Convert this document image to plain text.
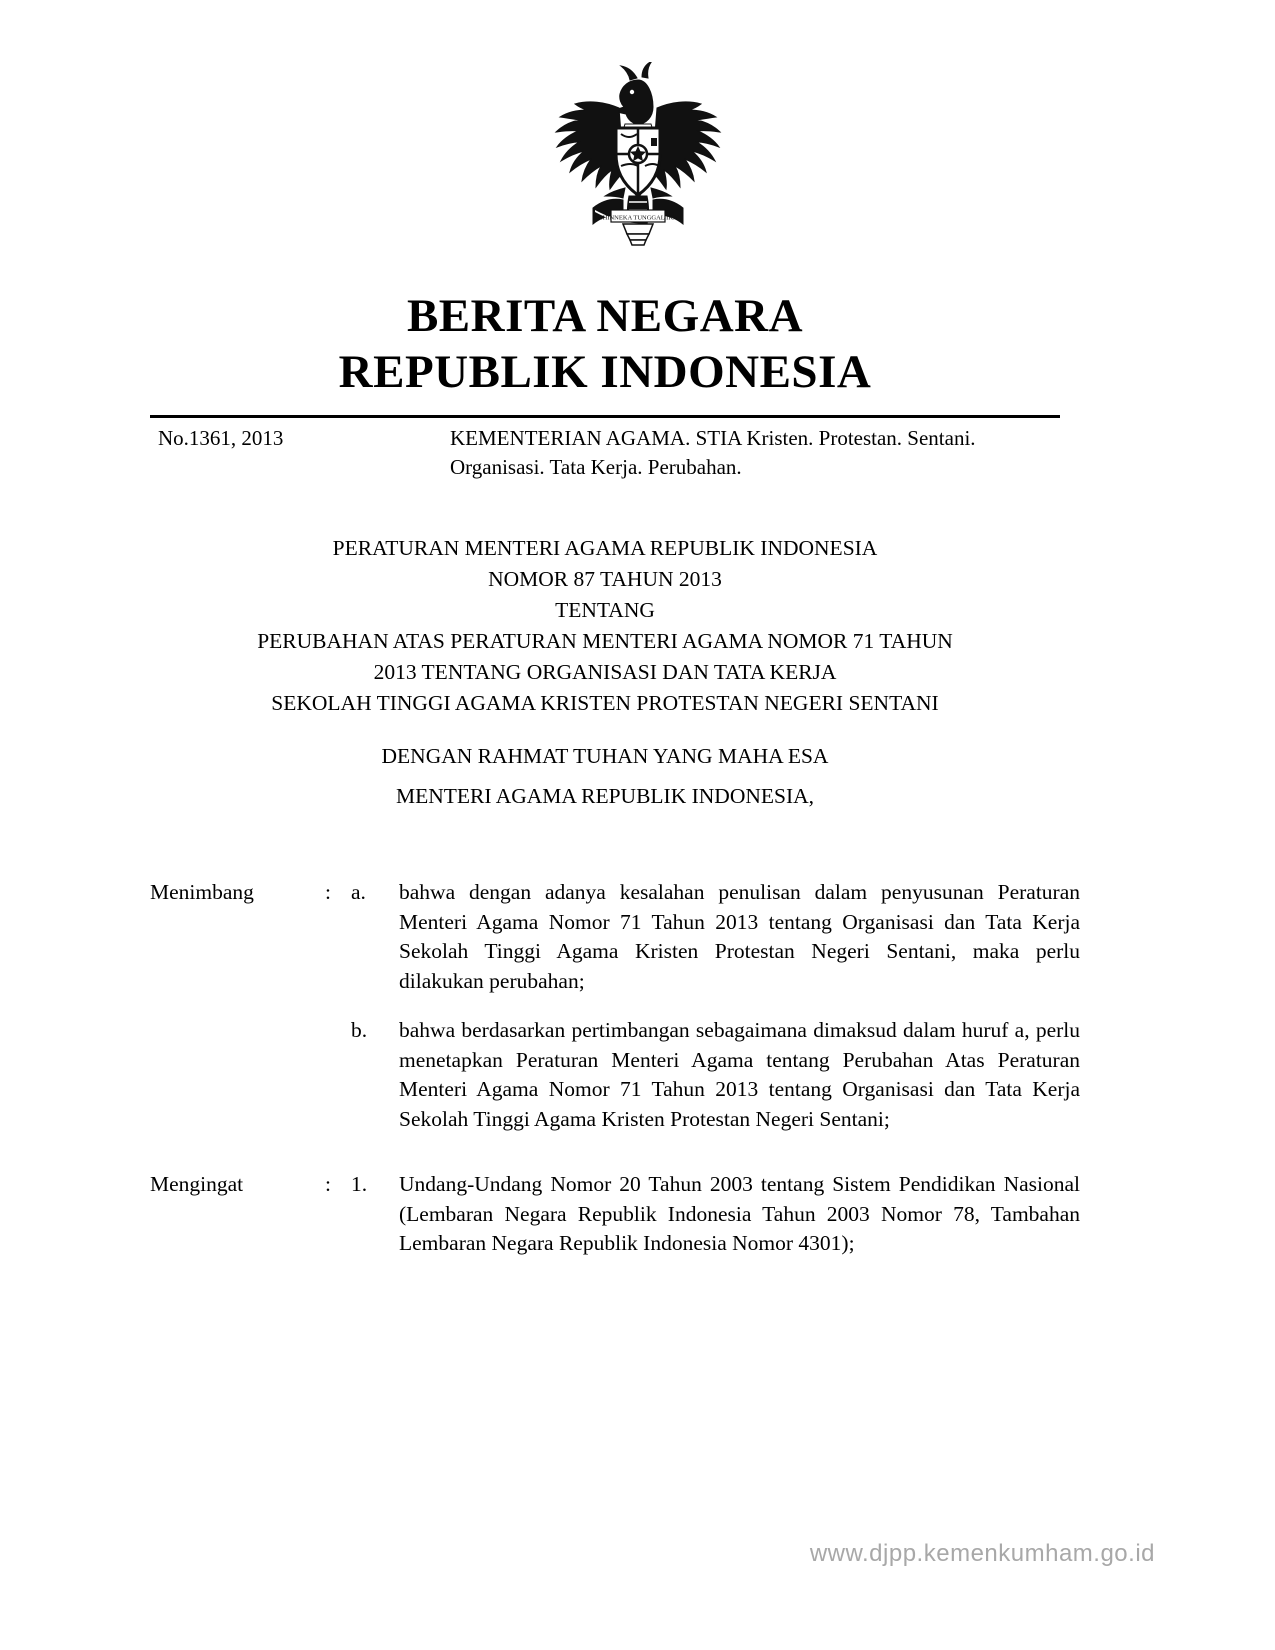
BHINNEKA TUNGGAL IKA
BERITA NEGARA
REPUBLIK INDONESIA
No.1361, 2013	KEMENTERIAN AGAMA. STIA Kristen. Protestan. Sentani. Organisasi. Tata Kerja. Perubahan.
PERATURAN MENTERI AGAMA REPUBLIK INDONESIA
NOMOR 87 TAHUN 2013
TENTANG
PERUBAHAN ATAS PERATURAN MENTERI AGAMA NOMOR 71 TAHUN
2013 TENTANG ORGANISASI DAN TATA KERJA
SEKOLAH TINGGI AGAMA KRISTEN PROTESTAN NEGERI SENTANI
DENGAN RAHMAT TUHAN YANG MAHA ESA
MENTERI AGAMA REPUBLIK INDONESIA,
Menimbang	: a.	bahwa dengan adanya kesalahan penulisan dalam penyusunan Peraturan Menteri Agama Nomor 71 Tahun 2013 tentang Organisasi dan Tata Kerja Sekolah Tinggi Agama Kristen Protestan Negeri Sentani, maka perlu dilakukan perubahan;
b.	bahwa berdasarkan pertimbangan sebagaimana dimaksud dalam huruf a, perlu menetapkan Peraturan Menteri Agama tentang Perubahan Atas Peraturan Menteri Agama Nomor 71 Tahun 2013 tentang Organisasi dan Tata Kerja Sekolah Tinggi Agama Kristen Protestan Negeri Sentani;
Mengingat	: 1.	Undang-Undang Nomor 20 Tahun 2003 tentang Sistem Pendidikan Nasional (Lembaran Negara Republik Indonesia Tahun 2003 Nomor 78, Tambahan Lembaran Negara Republik Indonesia Nomor 4301);
www.djpp.kemenkumham.go.id
